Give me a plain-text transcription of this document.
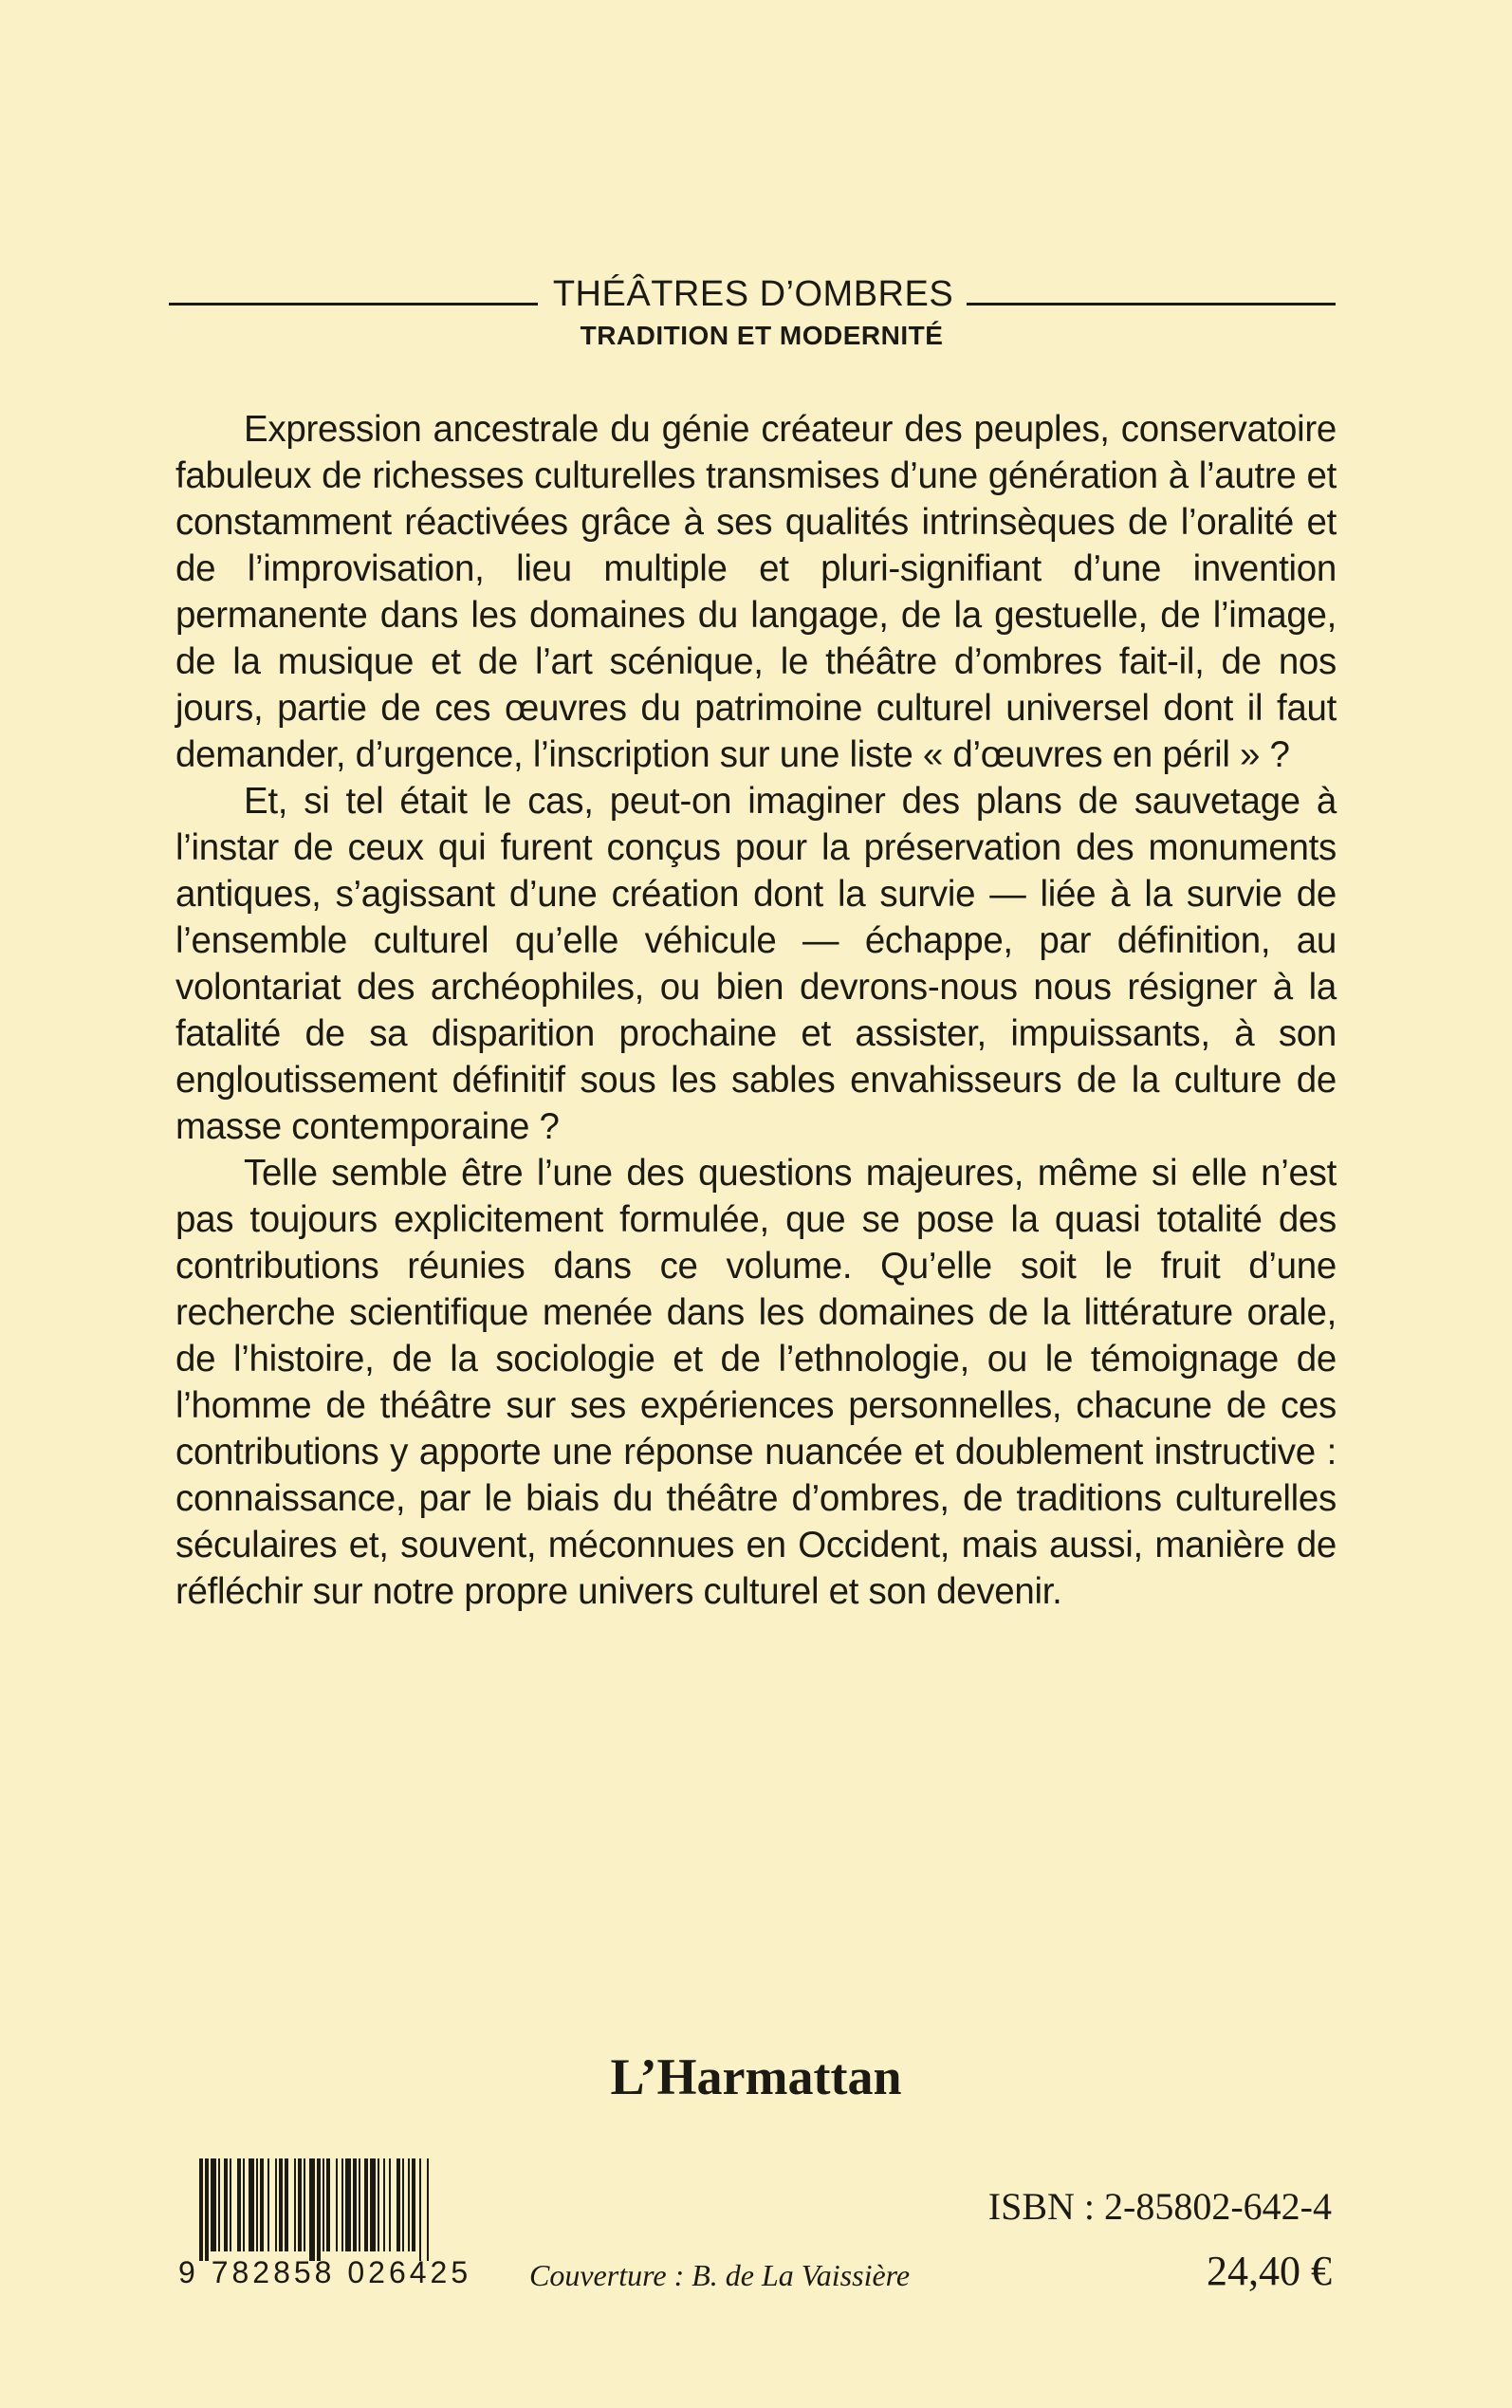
THÉÂTRES D’OMBRES
TRADITION ET MODERNITÉ

Expression ancestrale du génie créateur des peuples, conservatoire fabuleux de richesses culturelles transmises d’une génération à l’autre et constamment réactivées grâce à ses qualités intrinsèques de l’oralité et de l’improvisation, lieu multiple et pluri-signifiant d’une invention permanente dans les domaines du langage, de la gestuelle, de l’image, de la musique et de l’art scénique, le théâtre d’ombres fait-il, de nos jours, partie de ces œuvres du patrimoine culturel universel dont il faut demander, d’urgence, l’inscription sur une liste « d’œuvres en péril » ?

Et, si tel était le cas, peut-on imaginer des plans de sauvetage à l’instar de ceux qui furent conçus pour la préservation des monuments antiques, s’agissant d’une création dont la survie — liée à la survie de l’ensemble culturel qu’elle véhicule — échappe, par définition, au volontariat des archéophiles, ou bien devrons-nous nous résigner à la fatalité de sa disparition prochaine et assister, impuissants, à son engloutissement définitif sous les sables envahisseurs de la culture de masse contemporaine ?

Telle semble être l’une des questions majeures, même si elle n’est pas toujours explicitement formulée, que se pose la quasi totalité des contributions réunies dans ce volume. Qu’elle soit le fruit d’une recherche scientifique menée dans les domaines de la littérature orale, de l’histoire, de la sociologie et de l’ethnologie, ou le témoignage de l’homme de théâtre sur ses expériences personnelles, chacune de ces contributions y apporte une réponse nuancée et doublement instructive : connaissance, par le biais du théâtre d’ombres, de traditions culturelles séculaires et, souvent, méconnues en Occident, mais aussi, manière de réfléchir sur notre propre univers culturel et son devenir.

L’Harmattan
9 782858 026425
ISBN : 2-85802-642-4
Couverture : B. de La Vaissière	24,40 €
